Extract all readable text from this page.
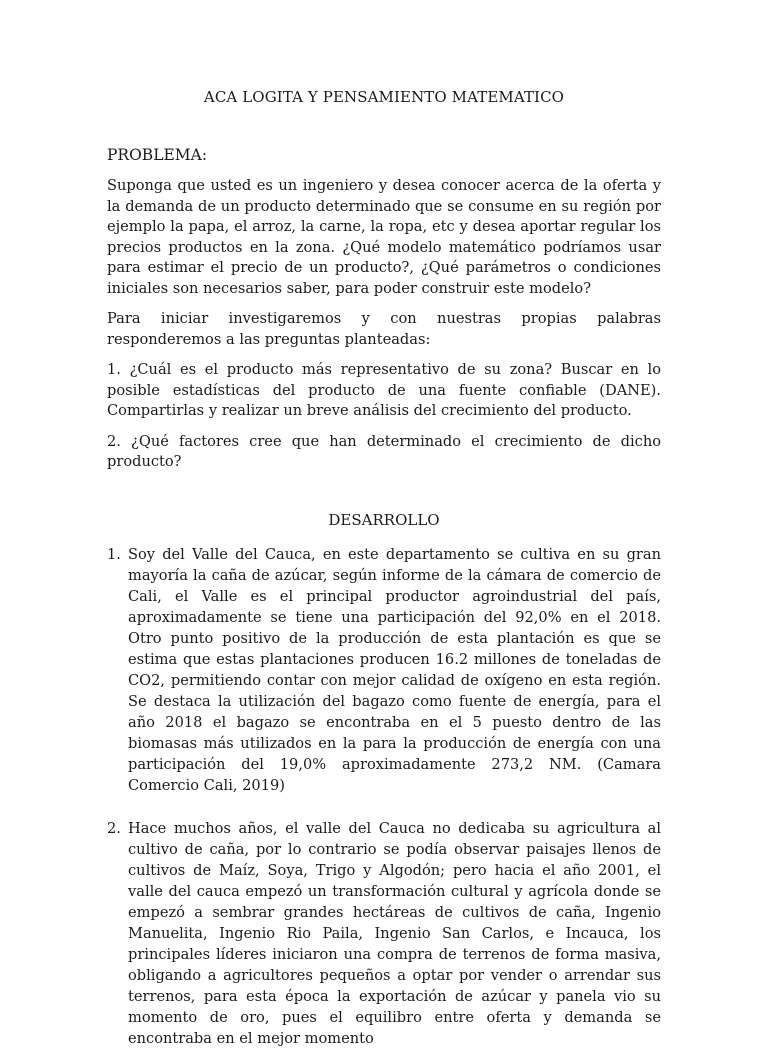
ACA LOGITA Y PENSAMIENTO MATEMATICO
PROBLEMA:

Suponga que usted es un ingeniero y desea conocer acerca de la oferta y la demanda de un producto determinado que se consume en su región por ejemplo la papa, el arroz, la carne, la ropa, etc y desea aportar regular los precios productos en la zona. ¿Qué modelo matemático podríamos usar para estimar el precio de un producto?, ¿Qué parámetros o condiciones iniciales son necesarios saber, para poder construir este modelo?

Para iniciar investigaremos y con nuestras propias palabras responderemos a las preguntas planteadas:

1. ¿Cuál es el producto más representativo de su zona? Buscar en lo posible estadísticas del producto de una fuente confiable (DANE). Compartirlas y realizar un breve análisis del crecimiento del producto.

2. ¿Qué factores cree que han determinado el crecimiento de dicho producto?

DESARROLLO
1. Soy del Valle del Cauca, en este departamento se cultiva en su gran mayoría la caña de azúcar, según informe de la cámara de comercio de Cali, el Valle es el principal productor agroindustrial del país, aproximadamente se tiene una participación del 92,0% en el 2018. Otro punto positivo de la producción de esta plantación es que se estima que estas plantaciones producen 16.2 millones de toneladas de CO2, permitiendo contar con mejor calidad de oxígeno en esta región. Se destaca la utilización del bagazo como fuente de energía, para el año 2018 el bagazo se encontraba en el 5 puesto dentro de las biomasas más utilizados en la para la producción de energía con una participación del 19,0% aproximadamente 273,2 NM. (Camara Comercio Cali, 2019)

2. Hace muchos años, el valle del Cauca no dedicaba su agricultura al cultivo de caña, por lo contrario se podía observar paisajes llenos de cultivos de Maíz, Soya, Trigo y Algodón; pero hacia el año 2001, el valle del cauca empezó un transformación cultural y agrícola donde se empezó a sembrar grandes hectáreas de cultivos de caña, Ingenio Manuelita, Ingenio Rio Paila, Ingenio San Carlos, e Incauca, los principales líderes iniciaron una compra de terrenos de forma masiva, obligando a agricultores pequeños a optar por vender o arrendar sus terrenos, para esta época la exportación de azúcar y panela vio su momento de oro, pues el equilibro entre oferta y demanda se encontraba en el mejor momento
